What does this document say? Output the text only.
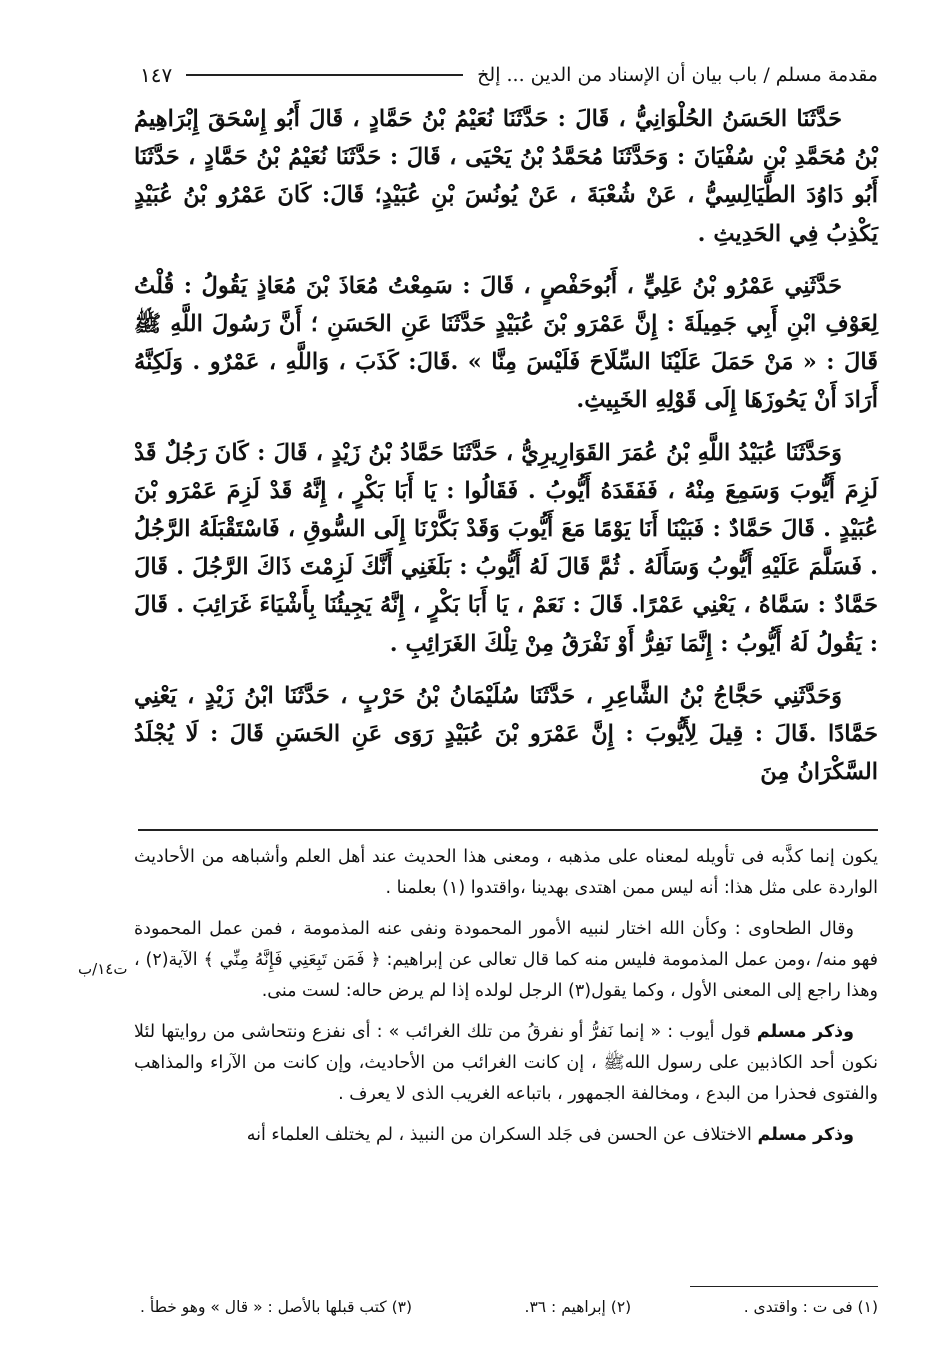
مقدمة مسلم / باب بيان أن الإسناد من الدين ... إلخ
١٤٧

حَدَّثَنَا الحَسَنُ الحُلْوَانِيُّ ، قَالَ : حَدَّثَنَا نُعَيْمُ بْنُ حَمَّادٍ ، قَالَ أَبُو إِسْحَقَ إِبْرَاهِيمُ بْنُ مُحَمَّدِ بْنِ سُفْيَانَ : وَحَدَّثَنَا مُحَمَّدُ بْنُ يَحْيَى ، قَالَ : حَدَّثَنَا نُعَيْمُ بْنُ حَمَّادٍ ، حَدَّثَنَا أَبُو دَاوُدَ الطَّيَالِسِيُّ ، عَنْ شُعْبَةَ ، عَنْ يُونُسَ بْنِ عُبَيْدٍ؛ قَالَ: كَانَ عَمْرُو بْنُ عُبَيْدٍ يَكْذِبُ فِي الحَدِيثِ .

حَدَّثَنِي عَمْرُو بْنُ عَلِيٍّ ، أَبُوحَفْصٍ ، قَالَ : سَمِعْتُ مُعَاذَ بْنَ مُعَاذٍ يَقُولُ : قُلْتُ لِعَوْفِ ابْنِ أَبِي جَمِيلَةَ : إِنَّ عَمْرَو بْنَ عُبَيْدٍ حَدَّثَنَا عَنِ الحَسَنِ ؛ أَنَّ رَسُولَ اللَّهِ ﷺ قَالَ : « مَنْ حَمَلَ عَلَيْنَا السِّلَاحَ فَلَيْسَ مِنَّا » .قَالَ: كَذَبَ ، وَاللَّهِ ، عَمْرٌو . وَلَكِنَّهُ أَرَادَ أَنْ يَحُوزَهَا إِلَى قَوْلِهِ الخَبِيثِ.

وَحَدَّثَنَا عُبَيْدُ اللَّهِ بْنُ عُمَرَ القَوَارِيرِيُّ ، حَدَّثَنَا حَمَّادُ بْنُ زَيْدٍ ، قَالَ : كَانَ رَجُلٌ قَدْ لَزِمَ أَيُّوبَ وَسَمِعَ مِنْهُ ، فَفَقَدَهُ أَيُّوبُ . فَقَالُوا : يَا أَبَا بَكْرٍ ، إِنَّهُ قَدْ لَزِمَ عَمْرَو بْنَ عُبَيْدٍ . قَالَ حَمَّادٌ : فَبَيْنَا أَنَا يَوْمًا مَعَ أَيُّوبَ وَقَدْ بَكَّرْنَا إِلَى السُّوقِ ، فَاسْتَقْبَلَهُ الرَّجُلُ . فَسَلَّمَ عَلَيْهِ أَيُّوبُ وَسَأَلَهُ . ثُمَّ قَالَ لَهُ أَيُّوبُ : بَلَغَنِي أَنَّكَ لَزِمْتَ ذَاكَ الرَّجُلَ . قَالَ حَمَّادٌ : سَمَّاهُ ، يَعْنِي عَمْرًا. قَالَ : نَعَمْ ، يَا أَبَا بَكْرٍ ، إِنَّهُ يَجِيئُنَا بِأَشْيَاءَ غَرَائِبَ . قَالَ : يَقُولُ لَهُ أَيُّوبُ : إِنَّمَا نَفِرُّ أَوْ نَفْرَقُ مِنْ تِلْكَ الغَرَائِبِ .

وَحَدَّثَنِي حَجَّاجُ بْنُ الشَّاعِرِ ، حَدَّثَنَا سُلَيْمَانُ بْنُ حَرْبٍ ، حَدَّثَنَا ابْنُ زَيْدٍ ، يَعْنِي حَمَّادًا .قَالَ : قِيلَ لِأَيُّوبَ : إِنَّ عَمْرَو بْنَ عُبَيْدٍ رَوَى عَنِ الحَسَنِ قَالَ : لَا يُجْلَدُ السَّكْرَانُ مِنَ

يكون إنما كذَّبه فى تأويله لمعناه على مذهبه ، ومعنى هذا الحديث عند أهل العلم وأشباهه من الأحاديث الواردة على مثل هذا: أنه ليس ممن اهتدى بهدينا ،واقتدوا (١) بعلمنا .

وقال الطحاوى : وكأن الله اختار لنبيه الأمور المحمودة ونفى عنه المذمومة ، فمن عمل المحمودة فهو منه/ ،ومن عمل المذمومة فليس منه كما قال تعالى عن إبراهيم: ﴿ فَمَن تَبِعَنِي فَإِنَّهُ مِنِّي ﴾ الآية(٢) ، وهذا راجع إلى المعنى الأول ، وكما يقول(٣) الرجل لولده إذا لم يرض حاله: لست منى.

وذكر مسلم قول أيوب : « إنما نَفرُّ أو نفرقُ من تلك الغرائب » : أى نفزع ونتحاشى من روايتها لئلا نكون أحد الكاذبين على رسول اللهﷺ ، إن كانت الغرائب من الأحاديث، وإن كانت من الآراء والمذاهب والفتوى فحذرا من البدع ، ومخالفة الجمهور ، باتباعه الغريب الذى لا يعرف .

وذكر مسلم الاختلاف عن الحسن فى جَلد السكران من النبيذ ، لم يختلف العلماء أنه

ت١٤/ب
(١) فى ت : واقتدى .
(٢) إبراهيم : ٣٦.
(٣) كتب قبلها بالأصل : « قال » وهو خطأ .
